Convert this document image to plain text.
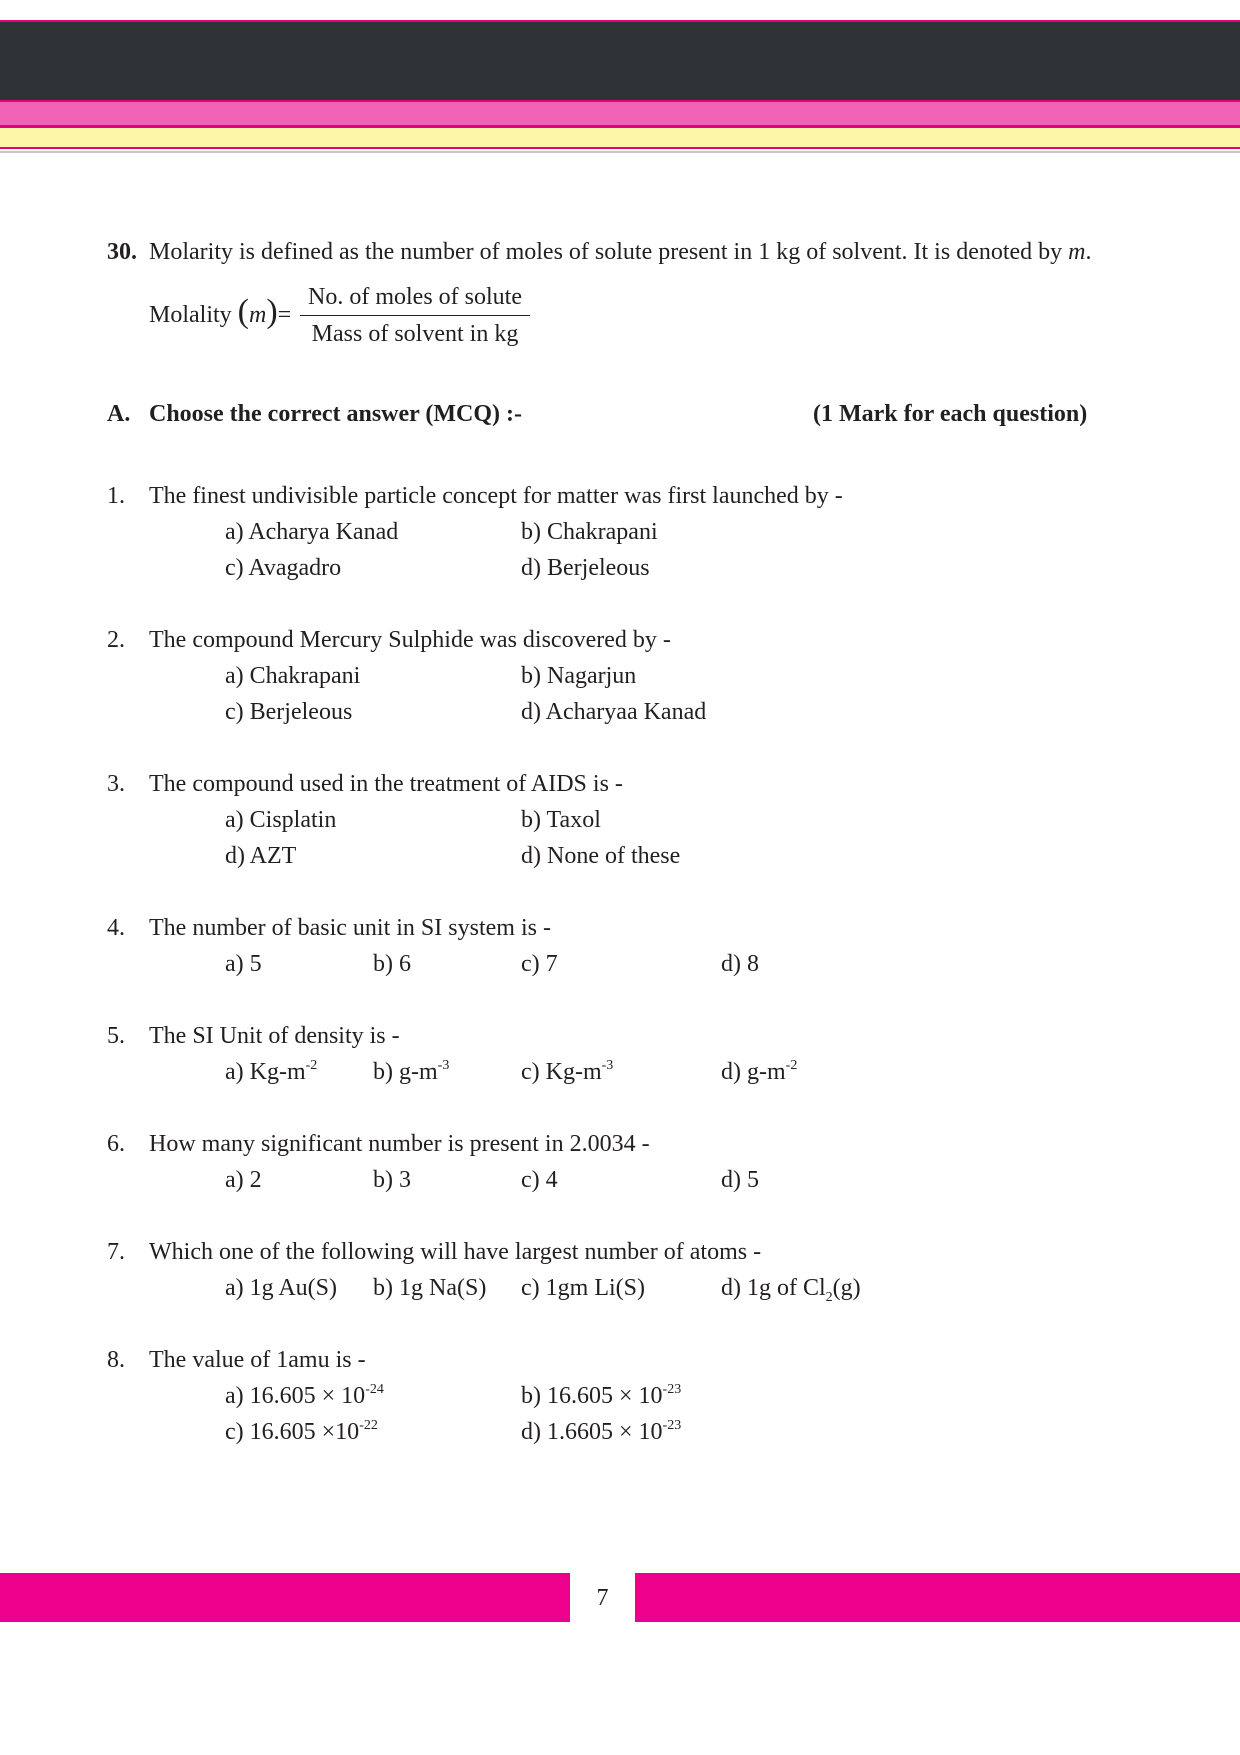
30. Molarity is defined as the number of moles of solute present in 1 kg of solvent. It is denoted by m.
Molality (m)=
No. of moles of solute
Mass of solvent in kg
A. Choose the correct answer (MCQ) :-	(1 Mark for each question)
1. The finest undivisible particle concept for matter was first launched by -
a) Acharya Kanad	b) Chakrapani
c) Avagadro	d) Berjeleous
2. The compound Mercury Sulphide was discovered by -
a) Chakrapani	b) Nagarjun
c) Berjeleous	d) Acharyaa Kanad
3. The compound used in the treatment of AIDS is -
a) Cisplatin	b) Taxol
d) AZT	d) None of these
4. The number of basic unit in SI system is -
a) 5	b) 6	c) 7	d) 8
5. The SI Unit of density is -
a) $Kg-m^{-2}$ b) $g-m^{-3}$	c) $Kg-m^{-3}$	d) $g-m^{-2}$
6. How many significant number is present in 2.0034 -
a) 2	b) 3	c) 4	d) 5
7. Which one of the following will have largest number of atoms -
a) 1g Au(S) b) 1g Na(S) c) 1gm Li(S)	d) 1g of $Cl_2(g)$
8. The value of 1amu is -
a) $16.605 \times 10^{-24}$	b) $16.605 \times 10^{-23}$
c) $16.605 \times 10^{-22}$	d) $1.6605 \times 10^{-23}$
7
